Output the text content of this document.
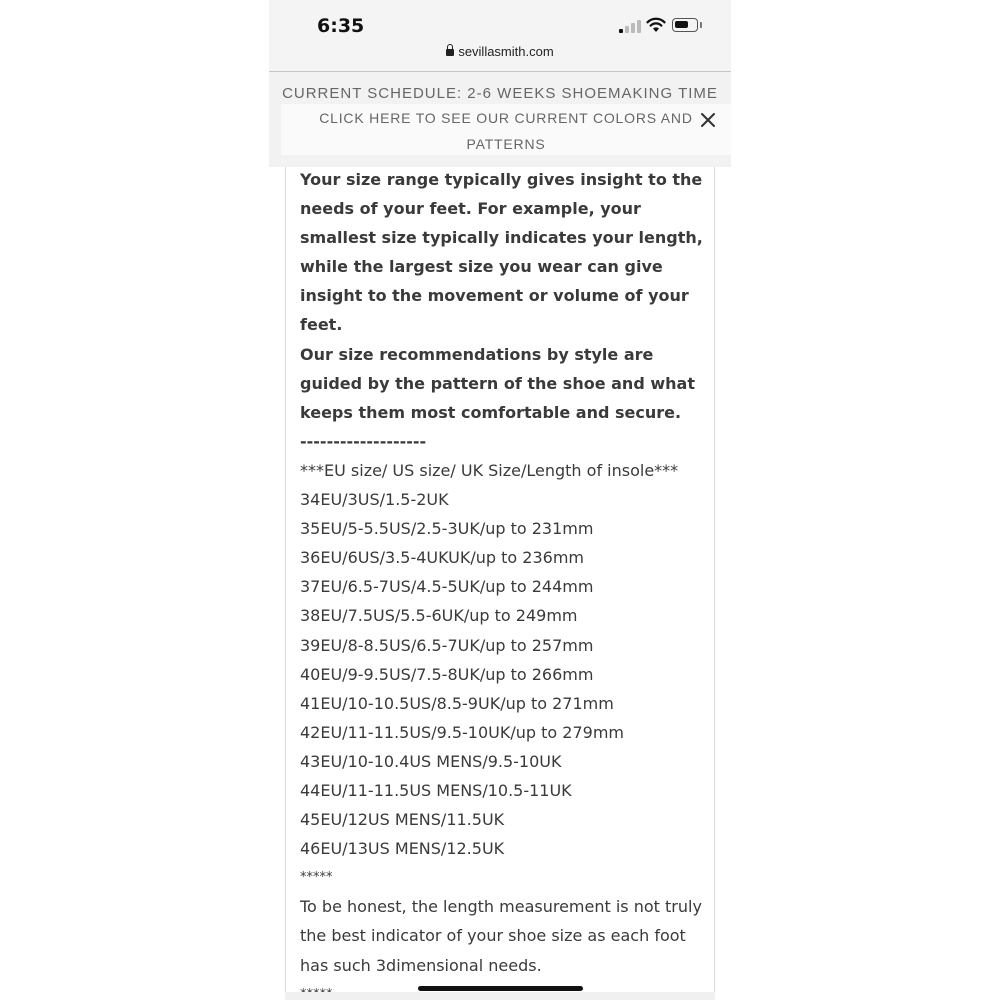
6:35
sevillasmith.com
CURRENT SCHEDULE: 2-6 WEEKS SHOEMAKING TIME
CLICK HERE TO SEE OUR CURRENT COLORS AND
PATTERNS
Your size range typically gives insight to the needs of your feet. For example, your smallest size typically indicates your length, while the largest size you wear can give insight to the movement or volume of your feet.
Our size recommendations by style are guided by the pattern of the shoe and what keeps them most comfortable and secure.
-------------------
***EU size/ US size/ UK Size/Length of insole***
34EU/3US/1.5-2UK
35EU/5-5.5US/2.5-3UK/up to 231mm
36EU/6US/3.5-4UKUK/up to 236mm
37EU/6.5-7US/4.5-5UK/up to 244mm
38EU/7.5US/5.5-6UK/up to 249mm
39EU/8-8.5US/6.5-7UK/up to 257mm
40EU/9-9.5US/7.5-8UK/up to 266mm
41EU/10-10.5US/8.5-9UK/up to 271mm
42EU/11-11.5US/9.5-10UK/up to 279mm
43EU/10-10.4US MENS/9.5-10UK
44EU/11-11.5US MENS/10.5-11UK
45EU/12US MENS/11.5UK
46EU/13US MENS/12.5UK
*****
To be honest, the length measurement is not truly the best indicator of your shoe size as each foot has such 3dimensional needs.
